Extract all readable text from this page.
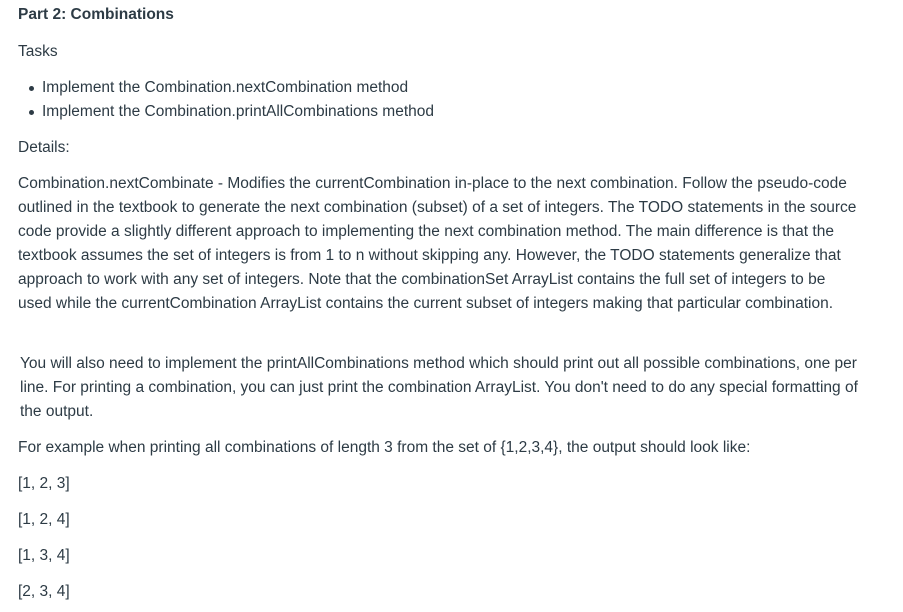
Part 2: Combinations

Tasks

Implement the Combination.nextCombination method
Implement the Combination.printAllCombinations method

Details:

Combination.nextCombinate - Modifies the currentCombination in-place to the next combination. Follow the pseudo-code outlined in the textbook to generate the next combination (subset) of a set of integers. The TODO statements in the source code provide a slightly different approach to implementing the next combination method. The main difference is that the textbook assumes the set of integers is from 1 to n without skipping any. However, the TODO statements generalize that approach to work with any set of integers. Note that the combinationSet ArrayList contains the full set of integers to be used while the currentCombination ArrayList contains the current subset of integers making that particular combination.

You will also need to implement the printAllCombinations method which should print out all possible combinations, one per line. For printing a combination, you can just print the combination ArrayList. You don't need to do any special formatting of the output.

For example when printing all combinations of length 3 from the set of {1,2,3,4}, the output should look like:

[1, 2, 3]

[1, 2, 4]

[1, 3, 4]

[2, 3, 4]
